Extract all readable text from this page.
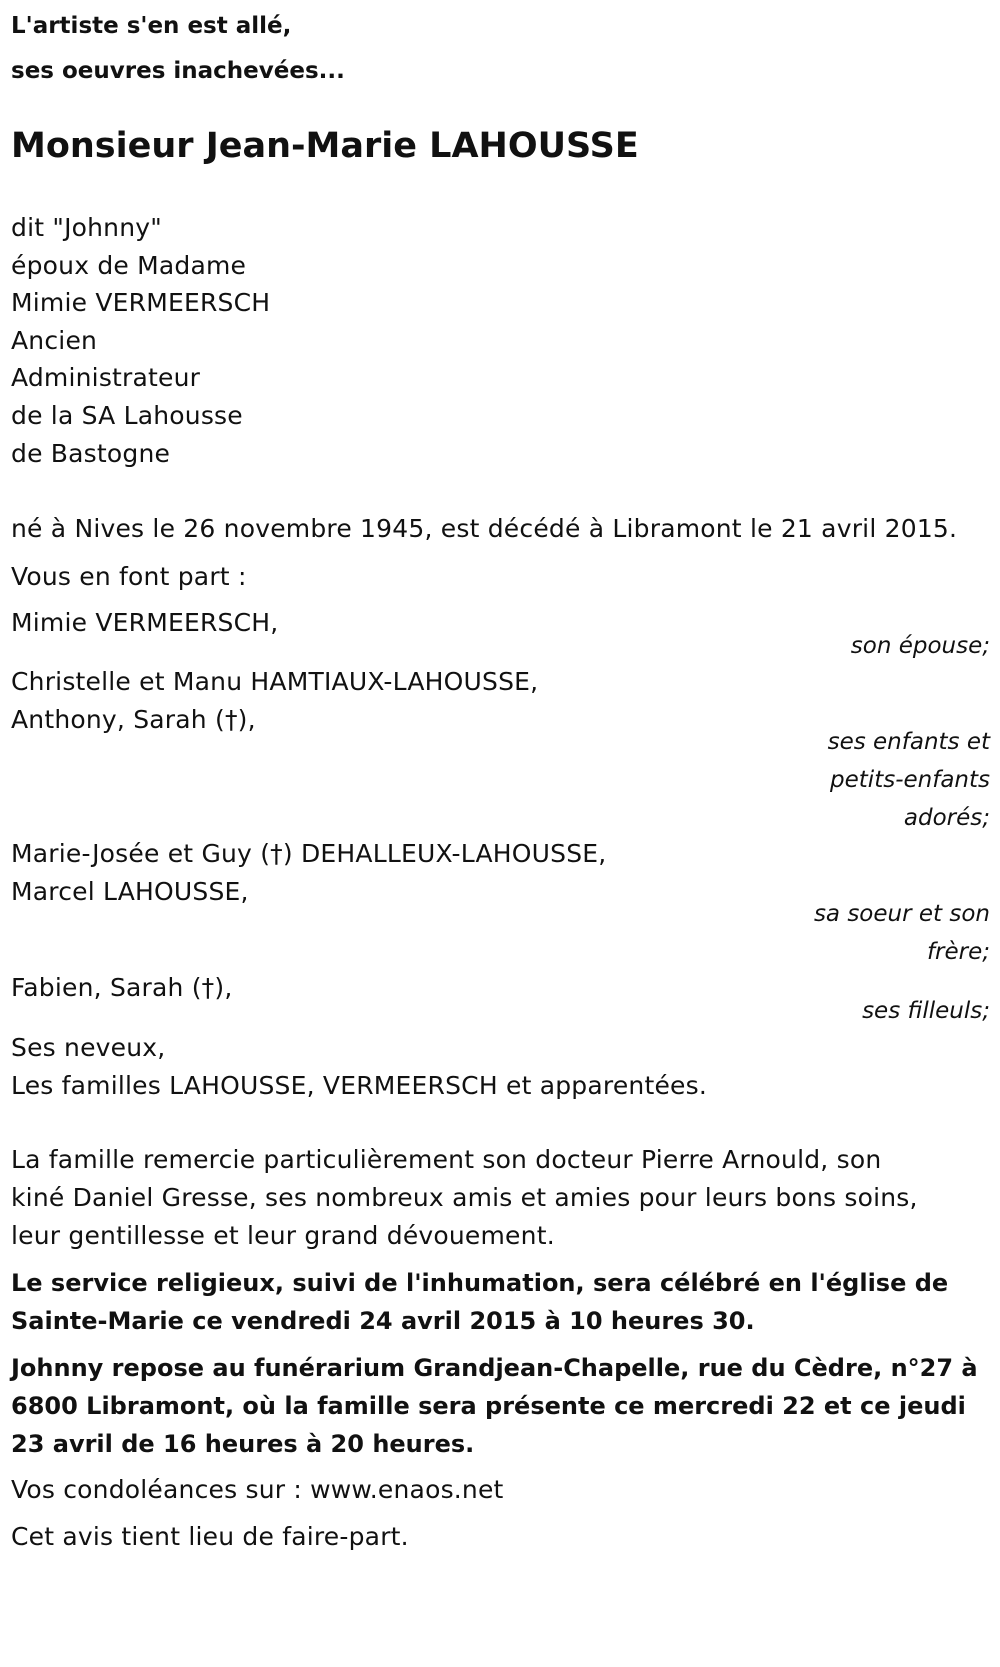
L'artiste s'en est allé,
ses oeuvres inachevées...
Monsieur Jean-Marie LAHOUSSE
dit "Johnny"
époux de Madame
Mimie VERMEERSCH
Ancien
Administrateur
de la SA Lahousse
de Bastogne
né à Nives le 26 novembre 1945, est décédé à Libramont le 21 avril 2015.
Vous en font part :
Mimie VERMEERSCH,
son épouse;
Christelle et Manu HAMTIAUX-LAHOUSSE,
Anthony, Sarah (†),
ses enfants et
petits-enfants
adorés;
Marie-Josée et Guy (†) DEHALLEUX-LAHOUSSE,
Marcel LAHOUSSE,
sa soeur et son
frère;
Fabien, Sarah (†),
ses filleuls;
Ses neveux,
Les familles LAHOUSSE, VERMEERSCH et apparentées.
La famille remercie particulièrement son docteur Pierre Arnould, son
kiné Daniel Gresse, ses nombreux amis et amies pour leurs bons soins,
leur gentillesse et leur grand dévouement.
Le service religieux, suivi de l'inhumation, sera célébré en l'église de
Sainte-Marie ce vendredi 24 avril 2015 à 10 heures 30.
Johnny repose au funérarium Grandjean-Chapelle, rue du Cèdre, n°27 à
6800 Libramont, où la famille sera présente ce mercredi 22 et ce jeudi
23 avril de 16 heures à 20 heures.
Vos condoléances sur : www.enaos.net
Cet avis tient lieu de faire-part.
